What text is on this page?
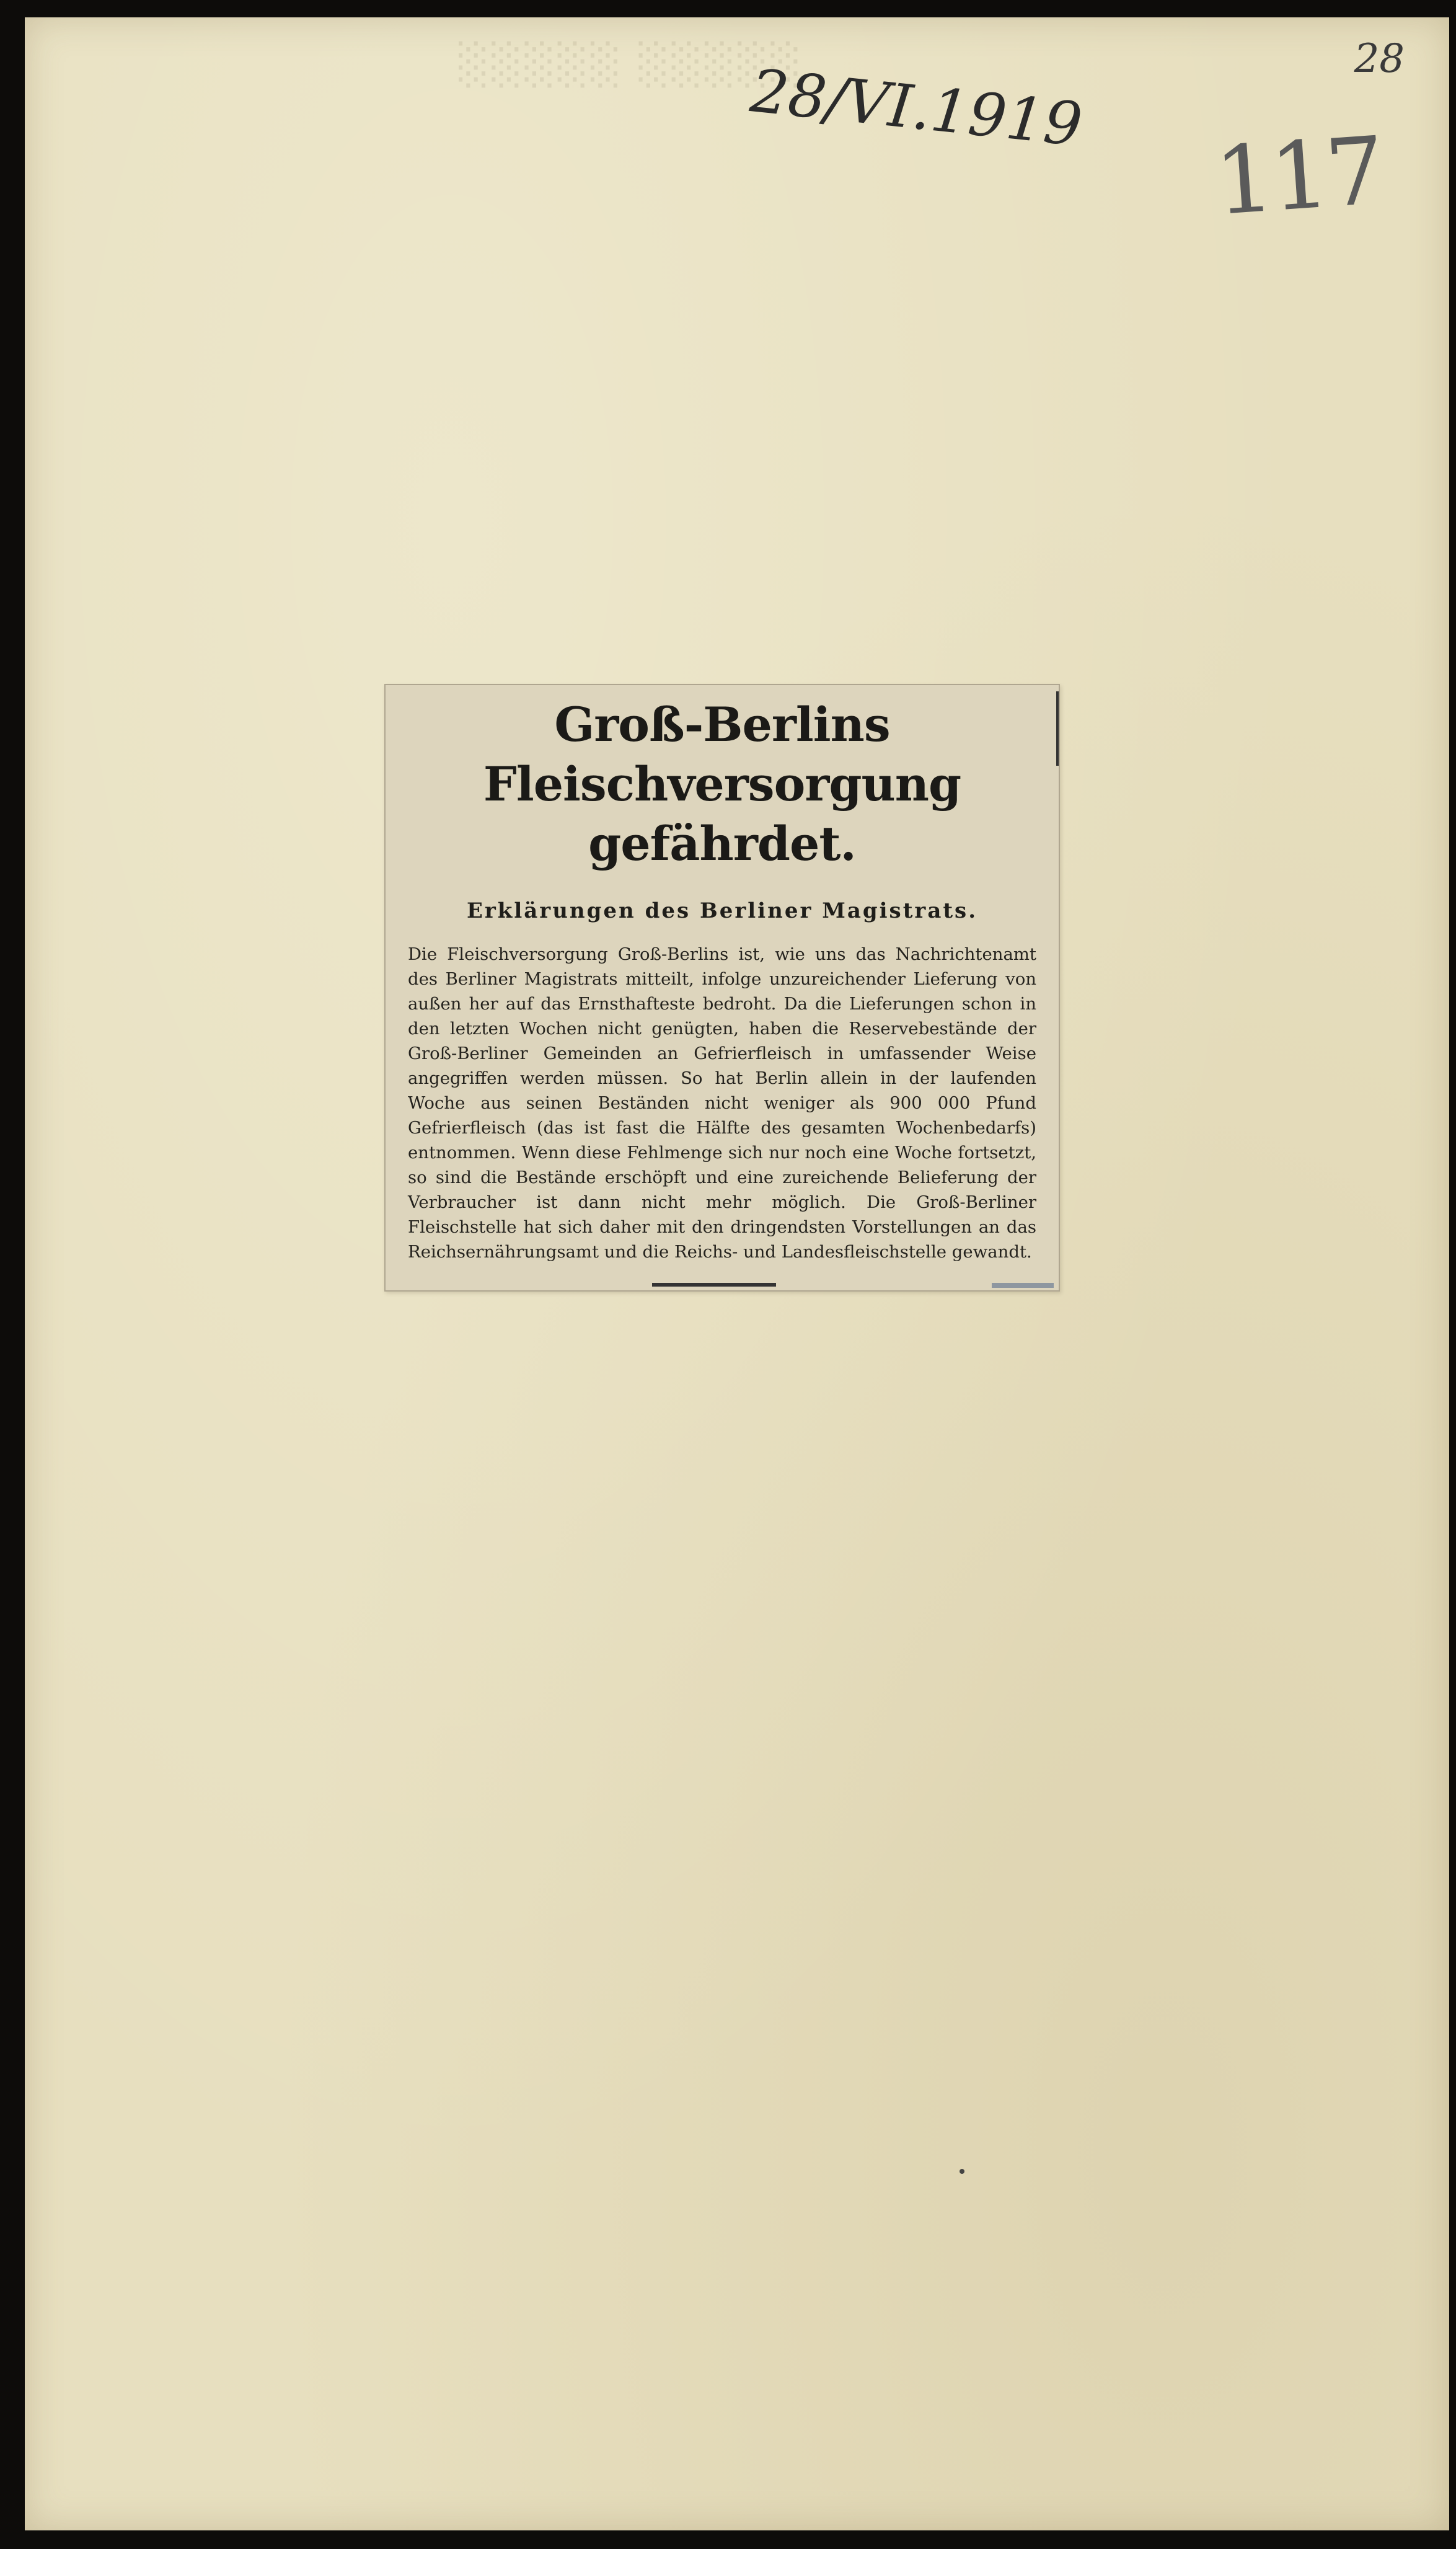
░░░░░ ░░░░░
28/VI.1919	28
117
Groß-Berlins Fleischversorgung gefährdet.
Erklärungen des Berliner Magistrats.

Die Fleischversorgung Groß-Berlins ist, wie uns das Nachrichtenamt des Berliner Magistrats mitteilt, infolge unzureichender Lieferung von außen her auf das Ernsthafteste bedroht. Da die Lieferungen schon in den letzten Wochen nicht genügten, haben die Reservebestände der Groß-Berliner Gemeinden an Gefrierfleisch in umfassender Weise angegriffen werden müssen. So hat Berlin allein in der laufenden Woche aus seinen Beständen nicht weniger als 900 000 Pfund Gefrierfleisch (das ist fast die Hälfte des gesamten Wochenbedarfs) entnommen. Wenn diese Fehlmenge sich nur noch eine Woche fortsetzt, so sind die Bestände erschöpft und eine zureichende Belieferung der Verbraucher ist dann nicht mehr möglich. Die Groß-Berliner Fleischstelle hat sich daher mit den dringendsten Vorstellungen an das Reichsernährungsamt und die Reichs- und Landesfleischstelle gewandt.
